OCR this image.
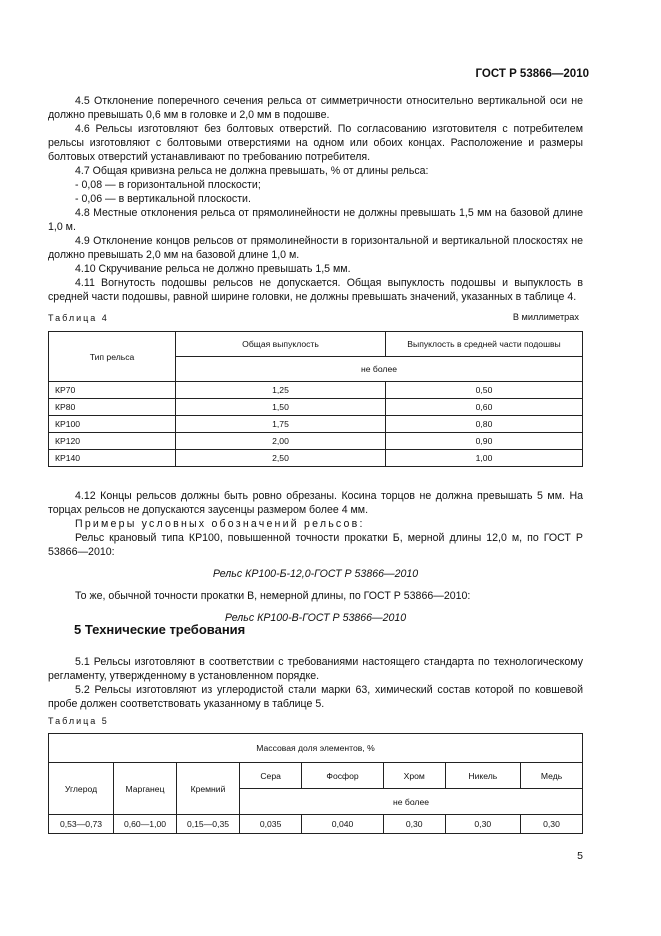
ГОСТ Р 53866—2010

4.5 Отклонение поперечного сечения рельса от симметричности относительно вертикальной оси не должно превышать 0,6 мм в головке и 2,0 мм в подошве.

4.6 Рельсы изготовляют без болтовых отверстий. По согласованию изготовителя с потребителем рельсы изготовляют с болтовыми отверстиями на одном или обоих концах. Расположение и размеры болтовых отверстий устанавливают по требованию потребителя.

4.7 Общая кривизна рельса не должна превышать, % от длины рельса:

- 0,08 — в горизонтальной плоскости;

- 0,06 — в вертикальной плоскости.

4.8 Местные отклонения рельса от прямолинейности не должны превышать 1,5 мм на базовой длине 1,0 м.

4.9 Отклонение концов рельсов от прямолинейности в горизонтальной и вертикальной плоскостях не должно превышать 2,0 мм на базовой длине 1,0 м.

4.10 Скручивание рельса не должно превышать 1,5 мм.

4.11 Вогнутость подошвы рельсов не допускается. Общая выпуклость подошвы и выпуклость в средней части подошвы, равной ширине головки, не должны превышать значений, указанных в таблице 4.

Таблица 4	В миллиметрах
Тип рельса	Общая выпуклость	Выпуклость в средней части подошвы
	не более	
КР70	1,25	0,50
КР80	1,50	0,60
КР100	1,75	0,80
КР120	2,00	0,90
КР140	2,50	1,00

4.12 Концы рельсов должны быть ровно обрезаны. Косина торцов не должна превышать 5 мм. На торцах рельсов не допускаются заусенцы размером более 4 мм.

Примеры условных обозначений рельсов:

Рельс крановый типа КР100, повышенной точности прокатки Б, мерной длины 12,0 м, по ГОСТ Р 53866—2010:

Рельс КР100-Б-12,0-ГОСТ Р 53866—2010

То же, обычной точности прокатки В, немерной длины, по ГОСТ Р 53866—2010:

Рельс КР100-В-ГОСТ Р 53866—2010

5 Технические требования

5.1 Рельсы изготовляют в соответствии с требованиями настоящего стандарта по технологическому регламенту, утвержденному в установленном порядке.

5.2 Рельсы изготовляют из углеродистой стали марки 63, химический состав которой по ковшевой пробе должен соответствовать указанному в таблице 5.

Таблица 5
Массовая доля элементов, %							
Углерод	Марганец	Кремний	Сера	Фосфор	Хром	Никель	Медь
			не более				
0,53—0,73	0,60—1,00	0,15—0,35	0,035	0,040	0,30	0,30	0,30
5
